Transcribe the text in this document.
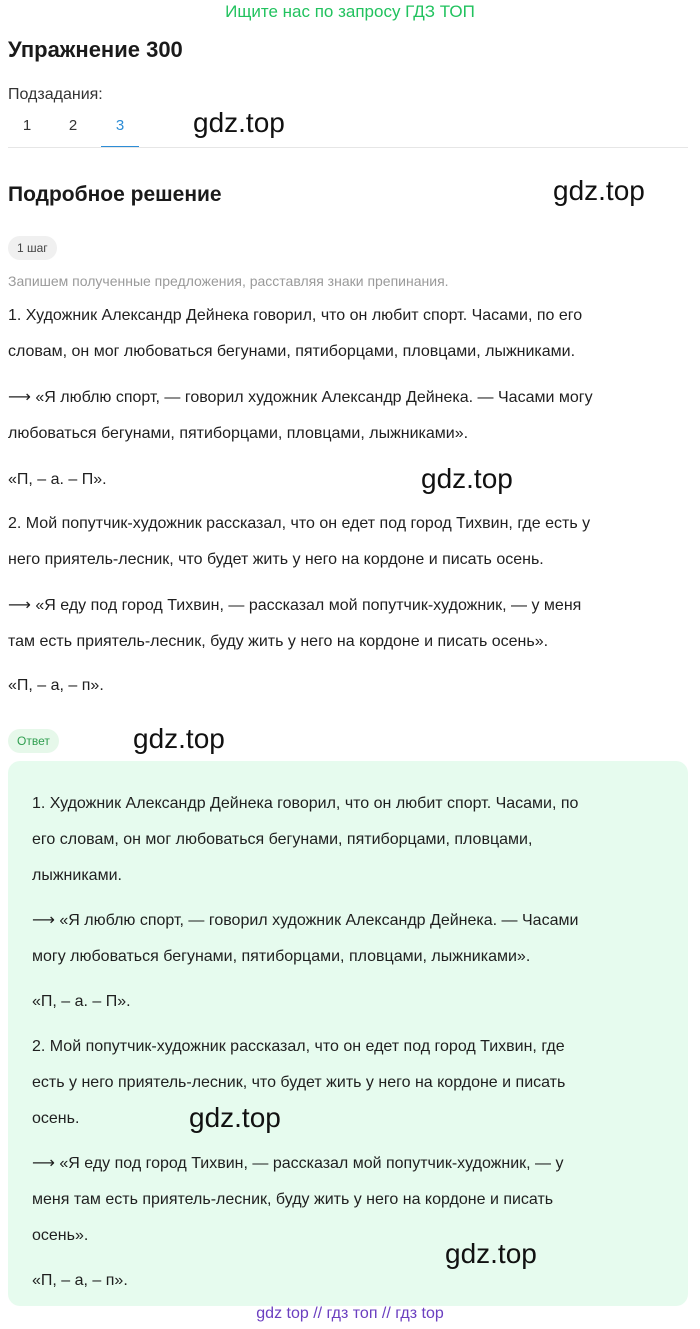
Ищите нас по запросу ГДЗ ТОП
Упражнение 300
Подзадания:
1	2	3	gdz.top
Подробное решение	gdz.top
1 шаг
Запишем полученные предложения, расставляя знаки препинания.
1. Художник Александр Дейнека говорил, что он любит спорт. Часами, по его
словам, он мог любоваться бегунами, пятиборцами, пловцами, лыжниками.
⟶ «Я люблю спорт, — говорил художник Александр Дейнека. — Часами могу
любоваться бегунами, пятиборцами, пловцами, лыжниками».
«П, – а. – П».	gdz.top
2. Мой попутчик-художник рассказал, что он едет под город Тихвин, где есть у
него приятель-лесник, что будет жить у него на кордоне и писать осень.
⟶ «Я еду под город Тихвин, — рассказал мой попутчик-художник, — у меня
там есть приятель-лесник, буду жить у него на кордоне и писать осень».
«П, – а, – п».
Ответ	gdz.top
1. Художник Александр Дейнека говорил, что он любит спорт. Часами, по
его словам, он мог любоваться бегунами, пятиборцами, пловцами,
лыжниками.
⟶ «Я люблю спорт, — говорил художник Александр Дейнека. — Часами
могу любоваться бегунами, пятиборцами, пловцами, лыжниками».
«П, – а. – П».
2. Мой попутчик-художник рассказал, что он едет под город Тихвин, где
есть у него приятель-лесник, что будет жить у него на кордоне и писать
осень.	gdz.top
⟶ «Я еду под город Тихвин, — рассказал мой попутчик-художник, — у
меня там есть приятель-лесник, буду жить у него на кордоне и писать
осень».
gdz.top
«П, – а, – п».
gdz top // гдз топ // гдз top
